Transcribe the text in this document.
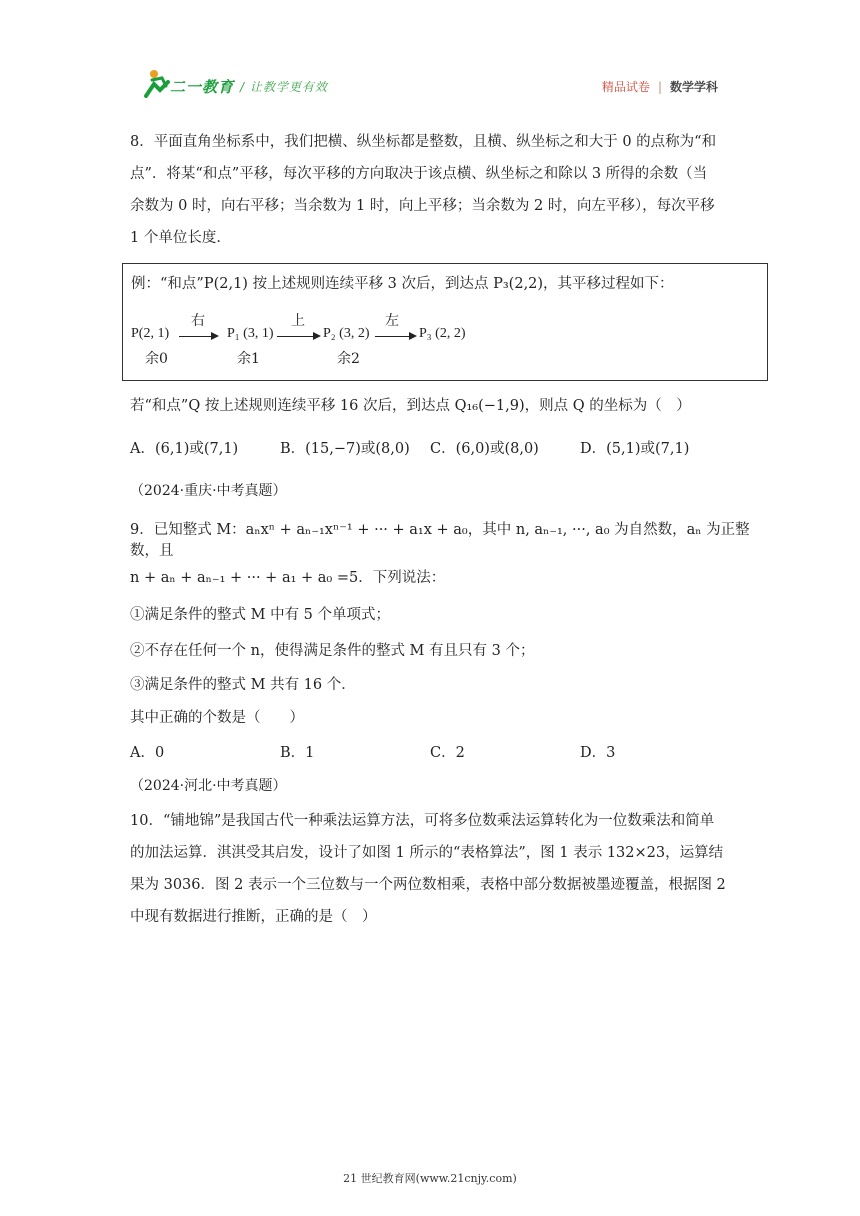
二一教育 / 让教学更有效	精品试卷 | 数学学科

8．平面直角坐标系中，我们把横、纵坐标都是整数，且横、纵坐标之和大于 0 的点称为“和

点”．将某“和点”平移，每次平移的方向取决于该点横、纵坐标之和除以 3 所得的余数（当

余数为 0 时，向右平移；当余数为 1 时，向上平移；当余数为 2 时，向左平移），每次平移

1 个单位长度．

例：“和点”P(2,1) 按上述规则连续平移 3 次后，到达点 P₃(2,2)，其平移过程如下：
P(2, 1)
右
P₁ (3, 1)
上
P₂ (3, 2)
左
P₃ (2, 2)
余0	余1	余2
若“和点”Q 按上述规则连续平移 16 次后，到达点 Q₁₆(−1,9)，则点 Q 的坐标为（　）
A．(6,1)或(7,1)	B．(15,−7)或(8,0) C．(6,0)或(8,0)	D．(5,1)或(7,1)
（2024·重庆·中考真题）
9．已知整式 M：aₙxⁿ + aₙ₋₁xⁿ⁻¹ + ··· + a₁x + a₀，其中 n, aₙ₋₁, ···, a₀ 为自然数，aₙ 为正整数，且
n + aₙ + aₙ₋₁ + ··· + a₁ + a₀ =5．下列说法：
①满足条件的整式 M 中有 5 个单项式；
②不存在任何一个 n，使得满足条件的整式 M 有且只有 3 个；
③满足条件的整式 M 共有 16 个．
其中正确的个数是（　　）
A．0	B．1	C．2	D．3
（2024·河北·中考真题）

10．“铺地锦”是我国古代一种乘法运算方法，可将多位数乘法运算转化为一位数乘法和简单

的加法运算．淇淇受其启发，设计了如图 1 所示的“表格算法”，图 1 表示 132×23，运算结

果为 3036．图 2 表示一个三位数与一个两位数相乘，表格中部分数据被墨迹覆盖，根据图 2

中现有数据进行推断，正确的是（　）

21 世纪教育网(www.21cnjy.com)
